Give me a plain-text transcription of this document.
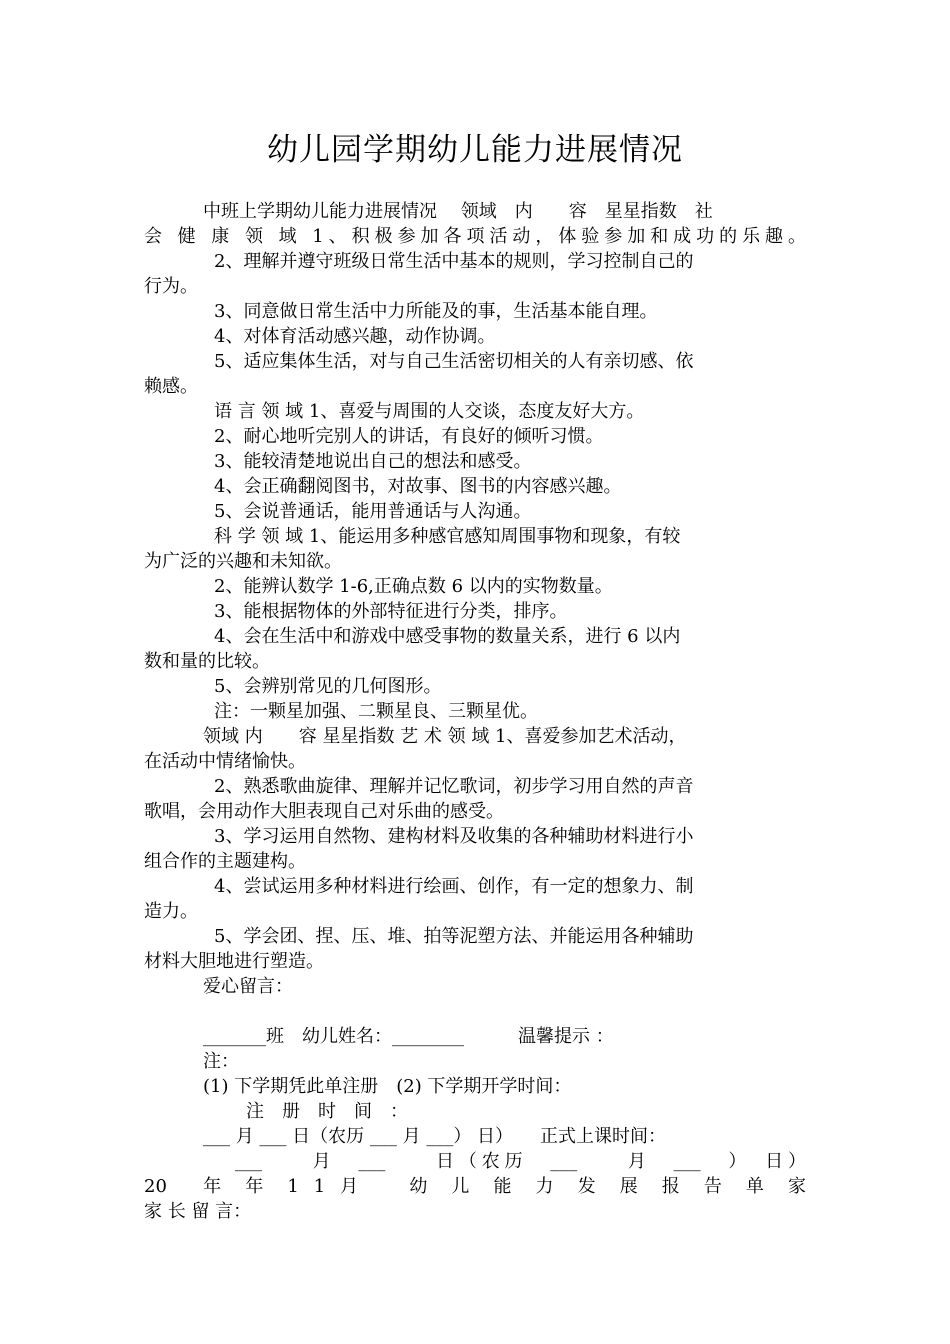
幼儿园学期幼儿能力进展情况

中班上学期幼儿能力进展情况　 领域　内　　容　星星指数　社

会 健 康 领 域 1、积极参加各项活动，体验参加和成功的乐趣。

2、理解并遵守班级日常生活中基本的规则，学习控制自己的

行为。

3、同意做日常生活中力所能及的事，生活基本能自理。

4、对体育活动感兴趣，动作协调。

5、适应集体生活，对与自己生活密切相关的人有亲切感、依

赖感。

语 言 领 域 1、喜爱与周围的人交谈，态度友好大方。

2、耐心地听完别人的讲话，有良好的倾听习惯。

3、能较清楚地说出自己的想法和感受。

4、会正确翻阅图书，对故事、图书的内容感兴趣。

5、会说普通话，能用普通话与人沟通。

科 学 领 域 1、能运用多种感官感知周围事物和现象，有较

为广泛的兴趣和未知欲。

2、能辨认数学 1-6,正确点数 6 以内的实物数量。

3、能根据物体的外部特征进行分类，排序。

4、会在生活中和游戏中感受事物的数量关系，进行 6 以内

数和量的比较。

5、会辨别常见的几何图形。

注：一颗星加强、二颗星良、三颗星优。

领域 内　　容 星星指数 艺 术 领 域 1、喜爱参加艺术活动，

在活动中情绪愉快。

2、熟悉歌曲旋律、理解并记忆歌词，初步学习用自然的声音

歌唱，会用动作大胆表现自己对乐曲的感受。

3、学习运用自然物、建构材料及收集的各种辅助材料进行小

组合作的主题建构。

4、尝试运用多种材料进行绘画、创作，有一定的想象力、制

造力。

5、学会团、捏、压、堆、拍等泥塑方法、并能运用各种辅助

材料大胆地进行塑造。

爱心留言：

_______班　幼儿姓名：________　　　温馨提示 ：

注：

(1) 下学期凭此单注册　(2) 下学期开学时间：

注　册　时　间　：

___ 月 ___ 日（农历 ___ 月 ___） 日）　　正式上课时间：

___　　月　___　　日（农历　___　　月　___　）　日）

20　年 年 1 1 月　 幼 儿 能 力 发 展 报 告 单 家

家 长 留 言：
